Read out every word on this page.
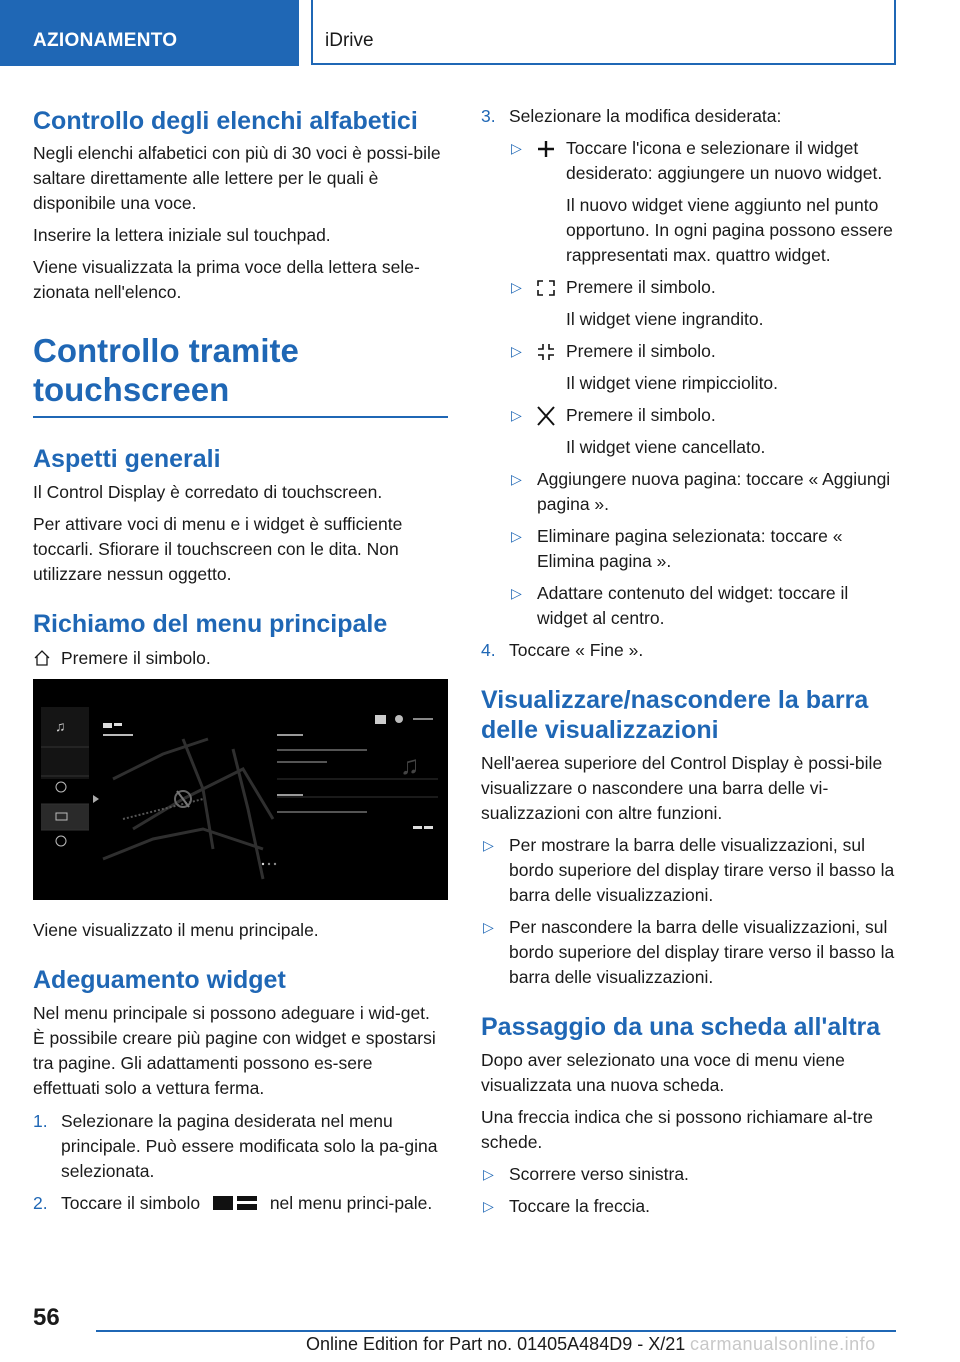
AZIONAMENTO	iDrive
Controllo degli elenchi alfabetici

Negli elenchi alfabetici con più di 30 voci è possi-bile saltare direttamente alle lettere per le quali è disponibile una voce.

Inserire la lettera iniziale sul touchpad.

Viene visualizzata la prima voce della lettera sele-zionata nell'elenco.

Controllo tramite touchscreen
Aspetti generali

Il Control Display è corredato di touchscreen.

Per attivare voci di menu e i widget è sufficiente toccarli. Sfiorare il touchscreen con le dita. Non utilizzare nessun oggetto.

Richiamo del menu principale
Premere il simbolo.
♫
♫

Viene visualizzato il menu principale.

Adeguamento widget

Nel menu principale si possono adeguare i wid-get. È possibile creare più pagine con widget e spostarsi tra pagine. Gli adattamenti possono es-sere effettuati solo a vettura ferma.

1. Selezionare la pagina desiderata nel menu principale. Può essere modificata solo la pa-gina selezionata.
2. Toccare il simbolo	nel menu princi-pale.
3. Selezionare la modifica desiderata:
▷	Toccare l'icona e selezionare il widget desiderato: aggiungere un nuovo widget.
Il nuovo widget viene aggiunto nel punto opportuno. In ogni pagina possono essere rappresentati max. quattro widget.
▷	Premere il simbolo.
Il widget viene ingrandito.
▷	Premere il simbolo.
Il widget viene rimpicciolito.
▷	Premere il simbolo.
Il widget viene cancellato.
▷ Aggiungere nuova pagina: toccare « Aggiungi pagina ».
▷ Eliminare pagina selezionata: toccare « Elimina pagina ».
▷ Adattare contenuto del widget: toccare il widget al centro.
4. Toccare « Fine ».
Visualizzare/nascondere la barra delle visualizzazioni

Nell'aerea superiore del Control Display è possi-bile visualizzare o nascondere una barra delle vi-sualizzazioni con altre funzioni.

▷ Per mostrare la barra delle visualizzazioni, sul bordo superiore del display tirare verso il basso la barra delle visualizzazioni.
▷ Per nascondere la barra delle visualizzazioni, sul bordo superiore del display tirare verso il basso la barra delle visualizzazioni.
Passaggio da una scheda all'altra

Dopo aver selezionato una voce di menu viene visualizzata una nuova scheda.

Una freccia indica che si possono richiamare al-tre schede.

▷ Scorrere verso sinistra.
▷ Toccare la freccia.
56
Online Edition for Part no. 01405A484D9 - X/21 carmanualsonline.info
